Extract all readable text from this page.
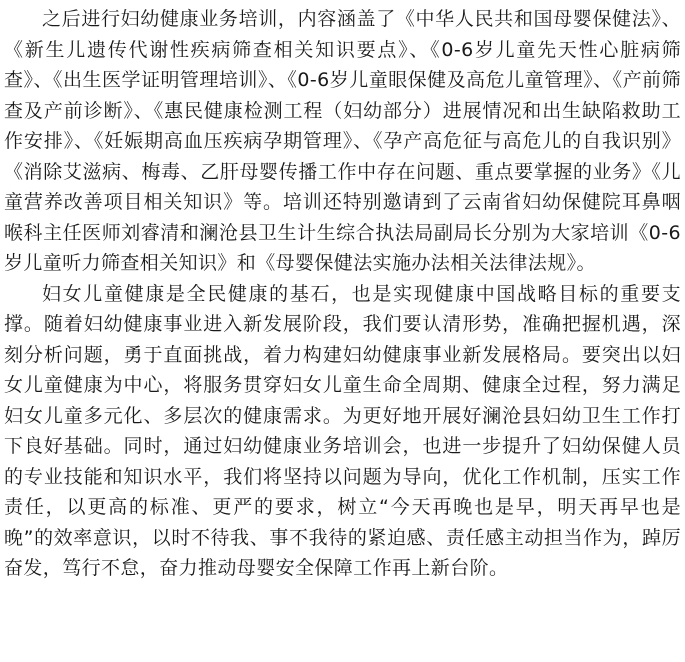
之后进行妇幼健康业务培训，内容涵盖了《中华人民共和国母婴保健法》、《新生儿遗传代谢性疾病筛查相关知识要点》、《0-6岁儿童先天性心脏病筛查》、《出生医学证明管理培训》、《0-6岁儿童眼保健及高危儿童管理》、《产前筛查及产前诊断》、《惠民健康检测工程（妇幼部分）进展情况和出生缺陷救助工作安排》、《妊娠期高血压疾病孕期管理》、《孕产高危征与高危儿的自我识别》《消除艾滋病、梅毒、乙肝母婴传播工作中存在问题、重点要掌握的业务》《儿童营养改善项目相关知识》等。培训还特别邀请到了云南省妇幼保健院耳鼻咽喉科主任医师刘睿清和澜沧县卫生计生综合执法局副局长分别为大家培训《0-6岁儿童听力筛查相关知识》和《母婴保健法实施办法相关法律法规》。

妇女儿童健康是全民健康的基石，也是实现健康中国战略目标的重要支撑。随着妇幼健康事业进入新发展阶段，我们要认清形势，准确把握机遇，深刻分析问题，勇于直面挑战，着力构建妇幼健康事业新发展格局。要突出以妇女儿童健康为中心，将服务贯穿妇女儿童生命全周期、健康全过程，努力满足妇女儿童多元化、多层次的健康需求。为更好地开展好澜沧县妇幼卫生工作打下良好基础。同时，通过妇幼健康业务培训会，也进一步提升了妇幼保健人员的专业技能和知识水平，我们将坚持以问题为导向，优化工作机制，压实工作责任，以更高的标准、更严的要求，树立“今天再晚也是早，明天再早也是晚”的效率意识，以时不待我、事不我待的紧迫感、责任感主动担当作为，踔厉奋发，笃行不怠，奋力推动母婴安全保障工作再上新台阶。
